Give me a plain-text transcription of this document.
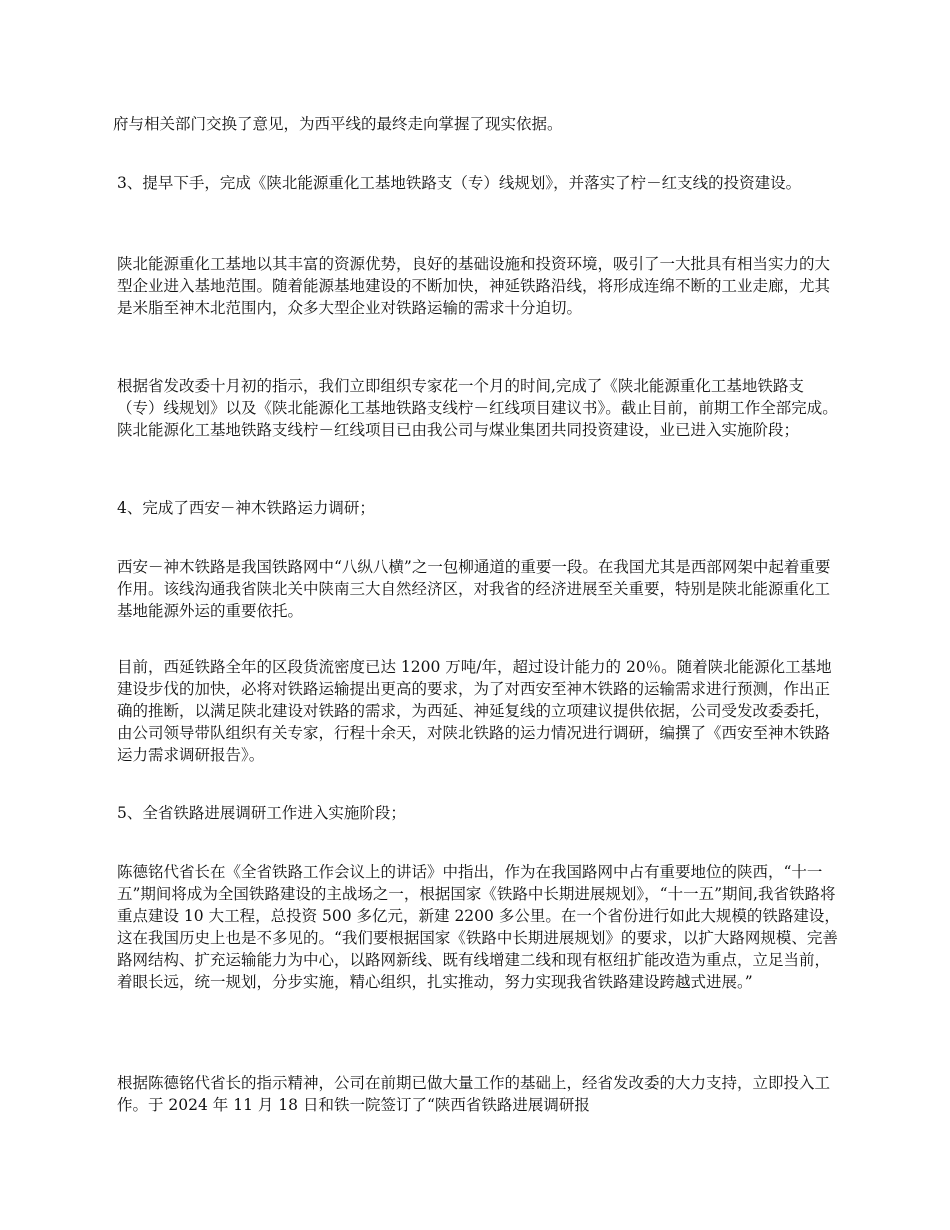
府与相关部门交换了意见，为西平线的最终走向掌握了现实依据。

3、提早下手，完成《陕北能源重化工基地铁路支（专）线规划》，并落实了柠－红支线的投资建设。

陕北能源重化工基地以其丰富的资源优势，良好的基础设施和投资环境，吸引了一大批具有相当实力的大型企业进入基地范围。随着能源基地建设的不断加快，神延铁路沿线，将形成连绵不断的工业走廊，尤其是米脂至神木北范围内，众多大型企业对铁路运输的需求十分迫切。

根据省发改委十月初的指示，我们立即组织专家花一个月的时间,完成了《陕北能源重化工基地铁路支（专）线规划》以及《陕北能源化工基地铁路支线柠－红线项目建议书》。截止目前，前期工作全部完成。陕北能源化工基地铁路支线柠－红线项目已由我公司与煤业集团共同投资建设，业已进入实施阶段；

4、完成了西安－神木铁路运力调研；

西安－神木铁路是我国铁路网中“八纵八横”之一包柳通道的重要一段。在我国尤其是西部网架中起着重要作用。该线沟通我省陕北关中陕南三大自然经济区，对我省的经济进展至关重要，特别是陕北能源重化工基地能源外运的重要依托。

目前，西延铁路全年的区段货流密度已达 1200 万吨/年，超过设计能力的 20％。随着陕北能源化工基地建设步伐的加快，必将对铁路运输提出更高的要求，为了对西安至神木铁路的运输需求进行预测，作出正确的推断，以满足陕北建设对铁路的需求，为西延、神延复线的立项建议提供依据，公司受发改委委托，由公司领导带队组织有关专家，行程十余天，对陕北铁路的运力情况进行调研，编撰了《西安至神木铁路运力需求调研报告》。

5、全省铁路进展调研工作进入实施阶段；

陈德铭代省长在《全省铁路工作会议上的讲话》中指出，作为在我国路网中占有重要地位的陕西，“十一五”期间将成为全国铁路建设的主战场之一，根据国家《铁路中长期进展规划》，“十一五”期间,我省铁路将重点建设 10 大工程，总投资 500 多亿元，新建 2200 多公里。在一个省份进行如此大规模的铁路建设，这在我国历史上也是不多见的。“我们要根据国家《铁路中长期进展规划》的要求，以扩大路网规模、完善路网结构、扩充运输能力为中心，以路网新线、既有线增建二线和现有枢纽扩能改造为重点，立足当前，着眼长远，统一规划，分步实施，精心组织，扎实推动，努力实现我省铁路建设跨越式进展。”

根据陈德铭代省长的指示精神，公司在前期已做大量工作的基础上，经省发改委的大力支持，立即投入工作。于 2024 年 11 月 18 日和铁一院签订了“陕西省铁路进展调研报
